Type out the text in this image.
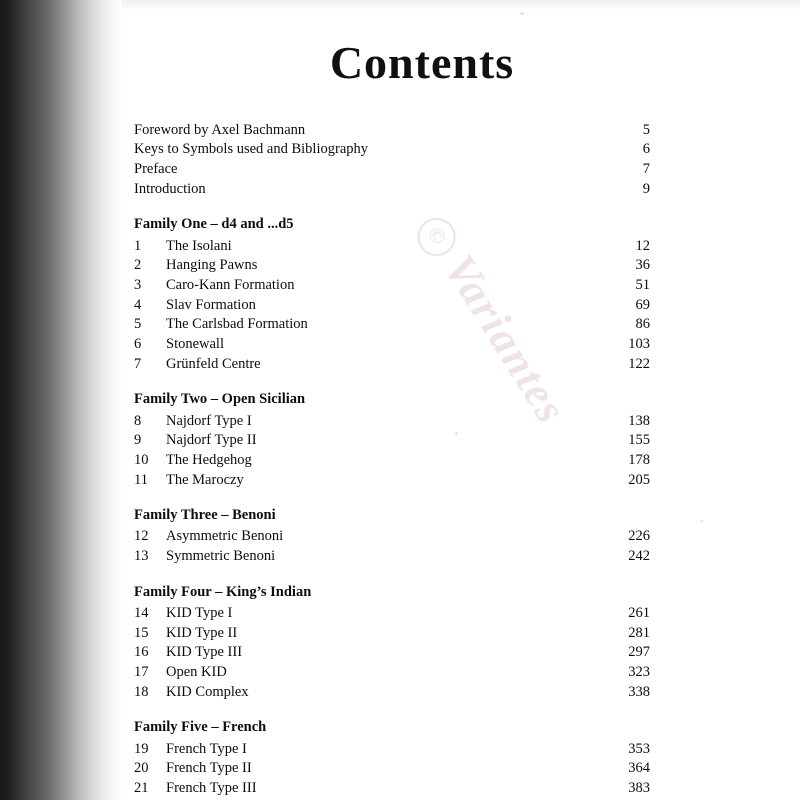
Contents
©Variantes
Foreword by Axel Bachmann	5
Keys to Symbols used and Bibliography	6
Preface	7
Introduction	9
Family One – d4 and ...d5
1	The Isolani	12
2	Hanging Pawns	36
3	Caro-Kann Formation	51
4	Slav Formation	69
5	The Carlsbad Formation	86
6	Stonewall	103
7	Grünfeld Centre	122
Family Two – Open Sicilian
8	Najdorf Type I	138
9	Najdorf Type II	155
10	The Hedgehog	178
11	The Maroczy	205
Family Three – Benoni
12	Asymmetric Benoni	226
13	Symmetric Benoni	242
Family Four – King’s Indian
14	KID Type I	261
15	KID Type II	281
16	KID Type III	297
17	Open KID	323
18	KID Complex	338
Family Five – French
19	French Type I	353
20	French Type II	364
21	French Type III	383
